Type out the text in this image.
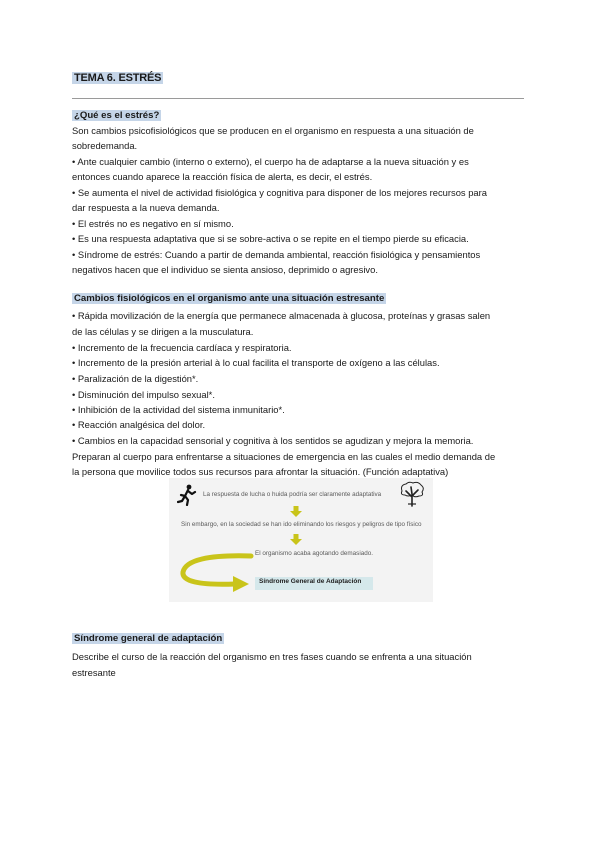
TEMA 6. ESTRÉS
¿Qué es el estrés?
Son cambios psicofisiológicos que se producen en el organismo en respuesta a una situación de
sobredemanda.
• Ante cualquier cambio (interno o externo), el cuerpo ha de adaptarse a la nueva situación y es
entonces cuando aparece la reacción física de alerta, es decir, el estrés.
• Se aumenta el nivel de actividad fisiológica y cognitiva para disponer de los mejores recursos para
dar respuesta a la nueva demanda.
• El estrés no es negativo en sí mismo.
• Es una respuesta adaptativa que si se sobre-activa o se repite en el tiempo pierde su eficacia.
• Síndrome de estrés: Cuando a partir de demanda ambiental, reacción fisiológica y pensamientos
negativos hacen que el individuo se sienta ansioso, deprimido o agresivo.
Cambios fisiológicos en el organismo ante una situación estresante
• Rápida movilización de la energía que permanece almacenada à glucosa, proteínas y grasas salen
de las células y se dirigen a la musculatura.
• Incremento de la frecuencia cardíaca y respiratoria.
• Incremento de la presión arterial à lo cual facilita el transporte de oxígeno a las células.
• Paralización de la digestión*.
• Disminución del impulso sexual*.
• Inhibición de la actividad del sistema inmunitario*.
• Reacción analgésica del dolor.
• Cambios en la capacidad sensorial y cognitiva à los sentidos se agudizan y mejora la memoria.
Preparan al cuerpo para enfrentarse a situaciones de emergencia en las cuales el medio demanda de
la persona que movilice todos sus recursos para afrontar la situación. (Función adaptativa)
La respuesta de lucha o huida podría ser claramente adaptativa
Sin embargo, en la sociedad se han ido eliminando los riesgos y peligros de tipo físico
El organismo acaba agotando demasiado.
Síndrome General de Adaptación
Síndrome general de adaptación
Describe el curso de la reacción del organismo en tres fases cuando se enfrenta a una situación
estresante
